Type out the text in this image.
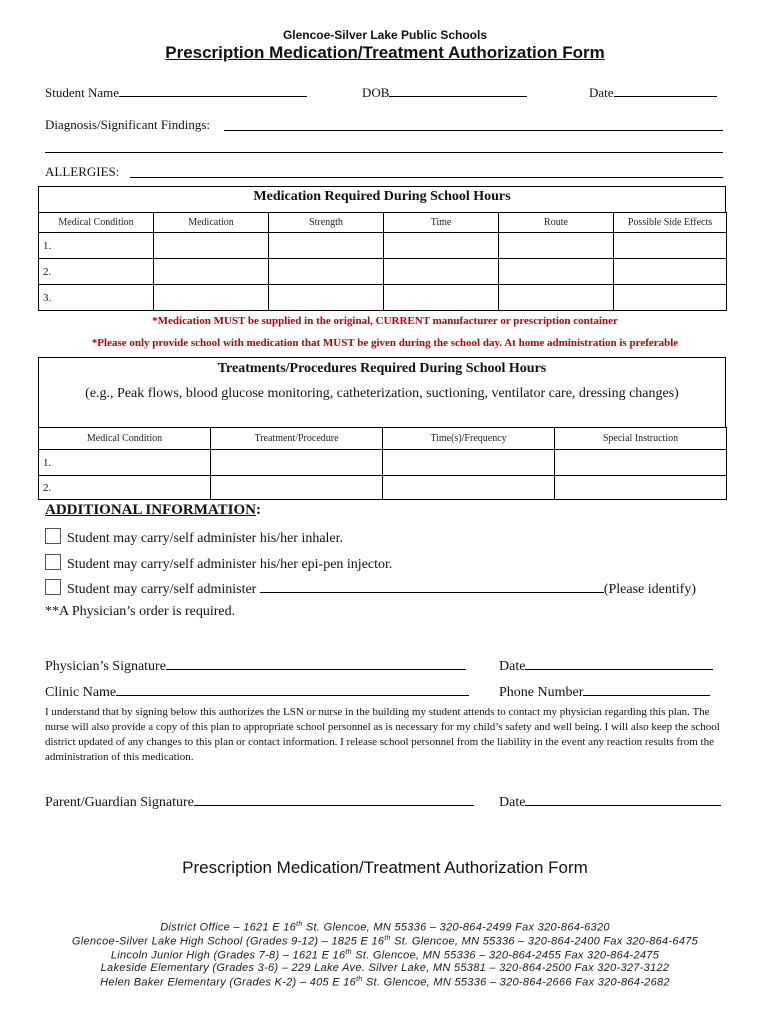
Glencoe-Silver Lake Public Schools
Prescription Medication/Treatment Authorization Form
Student Name	DOB	Date
Diagnosis/Significant Findings:
ALLERGIES:
Medication Required During School Hours
Medical Condition	Medication	Strength	Time	Route	Possible Side Effects
1.					
2.					
3.					
*Medication MUST be supplied in the original, CURRENT manufacturer or prescription container
*Please only provide school with medication that MUST be given during the school day. At home administration is preferable
Treatments/Procedures Required During School Hours
(e.g., Peak flows, blood glucose monitoring, catheterization, suctioning, ventilator care, dressing changes)
Medical Condition	Treatment/Procedure	Time(s)/Frequency	Special Instruction
1.			
2.			
ADDITIONAL INFORMATION:
Student may carry/self administer his/her inhaler.
Student may carry/self administer his/her epi-pen injector.
Student may carry/self administer	(Please identify)
**A Physician’s order is required.
Physician’s Signature	Date
Clinic Name	Phone Number
I understand that by signing below this authorizes the LSN or nurse in the building my student attends to contact my physician regarding this plan. The nurse will also provide a copy of this plan to appropriate school personnel as is necessary for my child’s safety and well being. I will also keep the school district updated of any changes to this plan or contact information. I release school personnel from the liability in the event any reaction results from the administration of this medication.
Parent/Guardian Signature	Date
Prescription Medication/Treatment Authorization Form
District Office – 1621 E 16th St. Glencoe, MN 55336 – 320-864-2499 Fax 320-864-6320
Glencoe-Silver Lake High School (Grades 9-12) – 1825 E 16th St. Glencoe, MN 55336 – 320-864-2400 Fax 320-864-6475
Lincoln Junior High (Grades 7-8) – 1621 E 16th St. Glencoe, MN 55336 – 320-864-2455 Fax 320-864-2475
Lakeside Elementary (Grades 3-6) – 229 Lake Ave. Silver Lake, MN 55381 – 320-864-2500 Fax 320-327-3122
Helen Baker Elementary (Grades K-2) – 405 E 16th St. Glencoe, MN 55336 – 320-864-2666 Fax 320-864-2682
